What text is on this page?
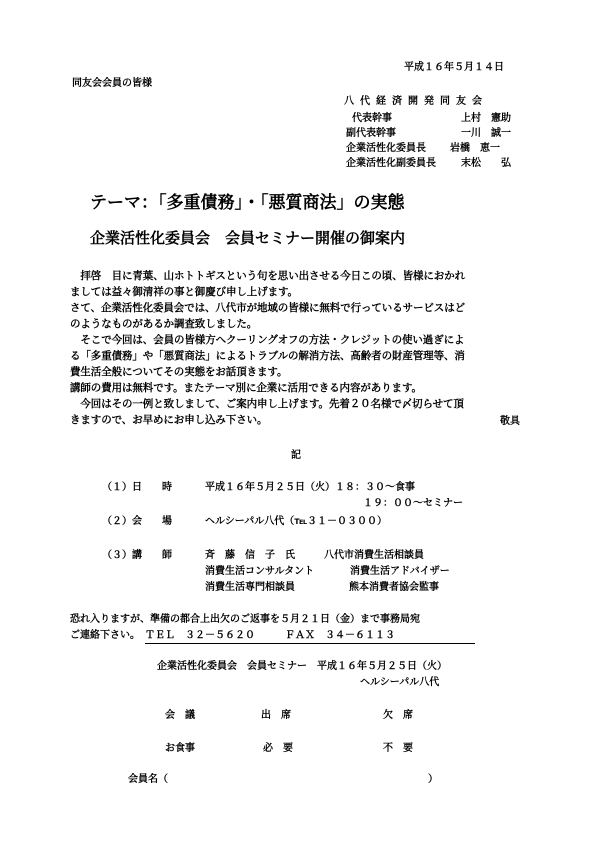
平成１６年５月１４日
同友会会員の皆様
八代経済開発同友会
代表幹事	上村　憲助
副代表幹事	一川　誠一
企業活性化委員長 岩橋　恵一
企業活性化副委員長	末松　　弘
テーマ：「多重債務」・「悪質商法」の実態
企業活性化委員会　会員セミナー開催の御案内
　拝啓　目に青葉、山ホトトギスという句を思い出させる今日この頃、皆様におかれ
ましては益々御清祥の事と御慶び申し上げます。
さて、企業活性化委員会では、八代市が地域の皆様に無料で行っているサービスはど
のようなものがあるか調査致しました。
　そこで今回は、会員の皆様方へクーリングオフの方法・クレジットの使い過ぎによ
る「多重債務」や「悪質商法」によるトラブルの解消方法、高齢者の財産管理等、消
費生活全般についてその実態をお話頂きます。
講師の費用は無料です。またテーマ別に企業に活用できる内容があります。
　今回はその一例と致しまして、ご案内申し上げます。先着２０名様で〆切らせて頂
きますので、お早めにお申し込み下さい。	敬具
記
（１）日　　時	平成１６年５月２５日（火）１８：３０～食事
１９：００～セミナー
（２）会　　場	ヘルシーパル八代（℡３１－０３００）
（３）講　　師	斉　藤　信　子　氏	八代市消費生活相談員
消費生活コンサルタント	消費生活アドバイザー
消費生活専門相談員	熊本消費者協会監事
恐れ入りますが、準備の都合上出欠のご返事を５月２１日（金）まで事務局宛
ご連絡下さい。　ＴＥＬ　３２－５６２０　　　ＦＡＸ　３４－６１１３
企業活性化委員会　会員セミナー　平成１６年５月２５日（火）
ヘルシーパル八代
会　議	出　席	欠　席
お食事	必　要	不　要
会員名（	）
